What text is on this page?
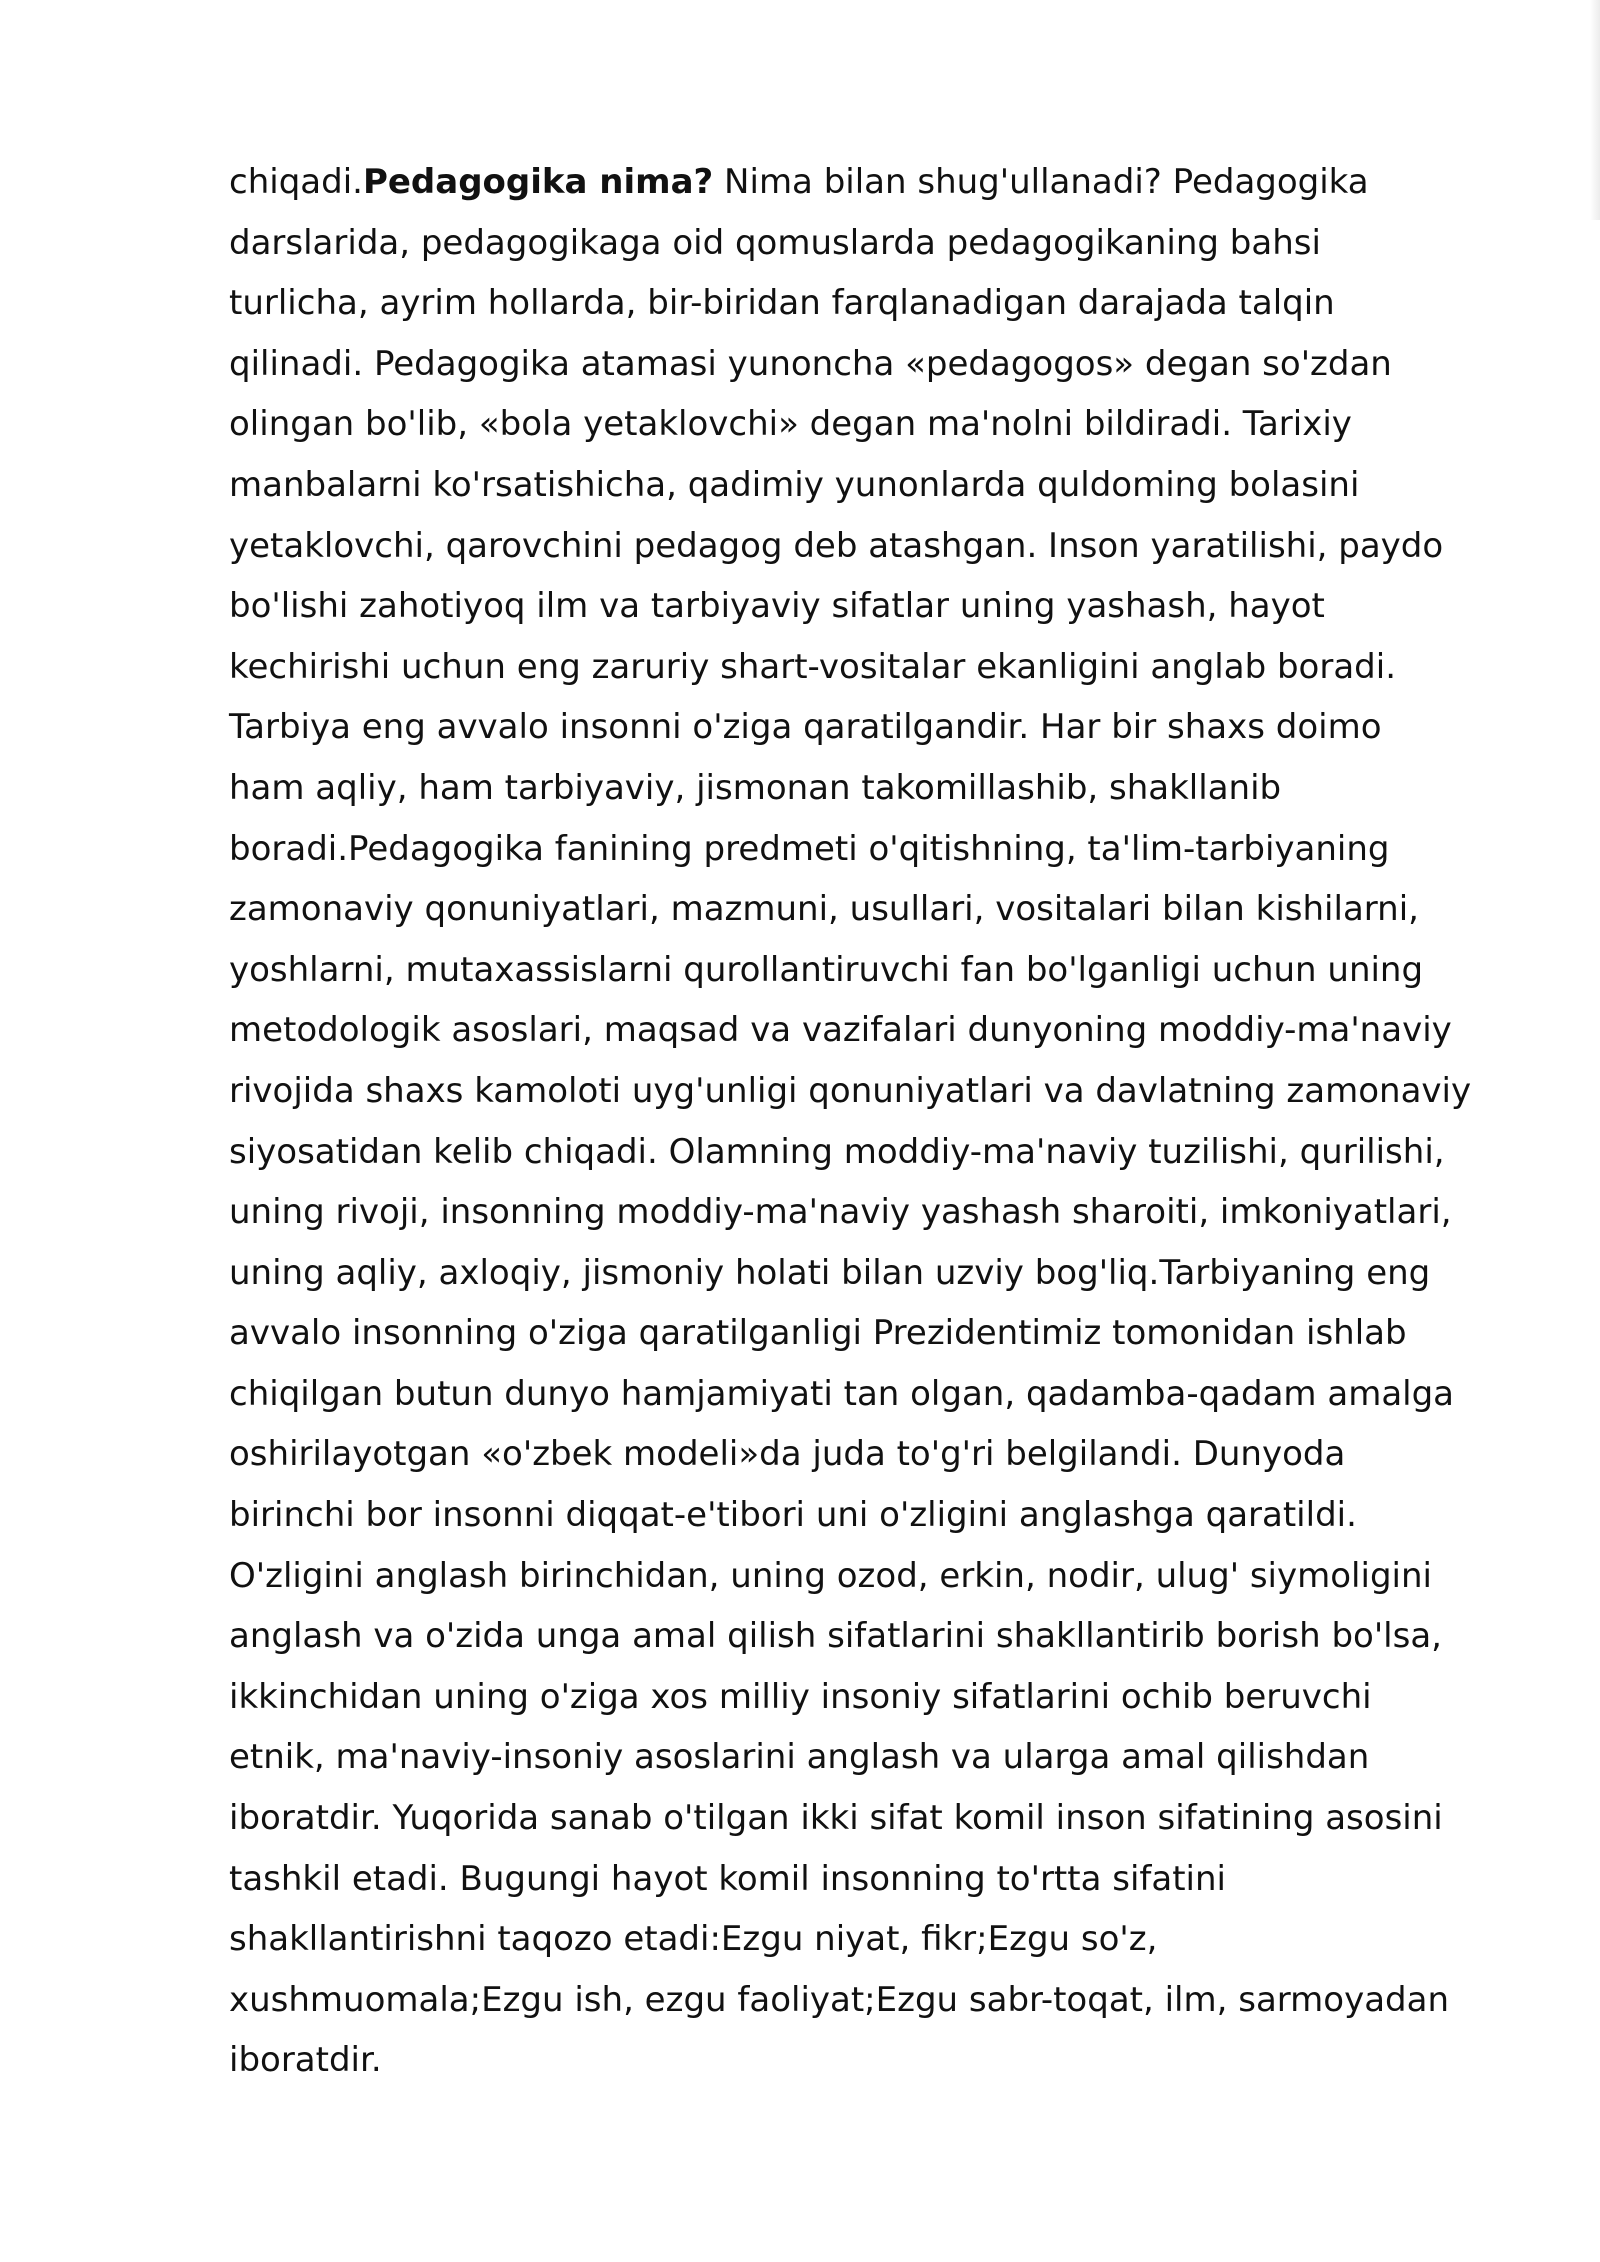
chiqadi.Pedagogika nima? Nima bilan shug'ullanadi? Pedagogika
darslarida, pedagogikaga oid qomuslarda pedagogikaning bahsi
turlicha, ayrim hollarda, bir-biridan farqlanadigan darajada talqin
qilinadi. Pedagogika atamasi yunoncha «pedagogos» degan so'zdan
olingan bo'lib, «bola yetaklovchi» degan ma'nolni bildiradi. Tarixiy
manbalarni ko'rsatishicha, qadimiy yunonlarda quldoming bolasini
yetaklovchi, qarovchini pedagog deb atashgan. Inson yaratilishi, paydo
bo'lishi zahotiyoq ilm va tarbiyaviy sifatlar uning yashash, hayot
kechirishi uchun eng zaruriy shart-vositalar ekanligini anglab boradi.
Tarbiya eng avvalo insonni o'ziga qaratilgandir. Har bir shaxs doimo
ham aqliy, ham tarbiyaviy, jismonan takomillashib, shakllanib
boradi.Pedagogika fanining predmeti o'qitishning, ta'lim-tarbiyaning
zamonaviy qonuniyatlari, mazmuni, usullari, vositalari bilan kishilarni,
yoshlarni, mutaxassislarni qurollantiruvchi fan bo'lganligi uchun uning
metodologik asoslari, maqsad va vazifalari dunyoning moddiy-ma'naviy
rivojida shaxs kamoloti uyg'unligi qonuniyatlari va davlatning zamonaviy
siyosatidan kelib chiqadi. Olamning moddiy-ma'naviy tuzilishi, qurilishi,
uning rivoji, insonning moddiy-ma'naviy yashash sharoiti, imkoniyatlari,
uning aqliy, axloqiy, jismoniy holati bilan uzviy bog'liq.Tarbiyaning eng
avvalo insonning o'ziga qaratilganligi Prezidentimiz tomonidan ishlab
chiqilgan butun dunyo hamjamiyati tan olgan, qadamba-qadam amalga
oshirilayotgan «o'zbek modeli»da juda to'g'ri belgilandi. Dunyoda
birinchi bor insonni diqqat-e'tibori uni o'zligini anglashga qaratildi.
O'zligini anglash birinchidan, uning ozod, erkin, nodir, ulug' siymoligini
anglash va o'zida unga amal qilish sifatlarini shakllantirib borish bo'lsa,
ikkinchidan uning o'ziga xos milliy insoniy sifatlarini ochib beruvchi
etnik, ma'naviy-insoniy asoslarini anglash va ularga amal qilishdan
iboratdir. Yuqorida sanab o'tilgan ikki sifat komil inson sifatining asosini
tashkil etadi. Bugungi hayot komil insonning to'rtta sifatini
shakllantirishni taqozo etadi:Ezgu niyat, fikr;Ezgu so'z,
xushmuomala;Ezgu ish, ezgu faoliyat;Ezgu sabr-toqat, ilm, sarmoyadan
iboratdir.
